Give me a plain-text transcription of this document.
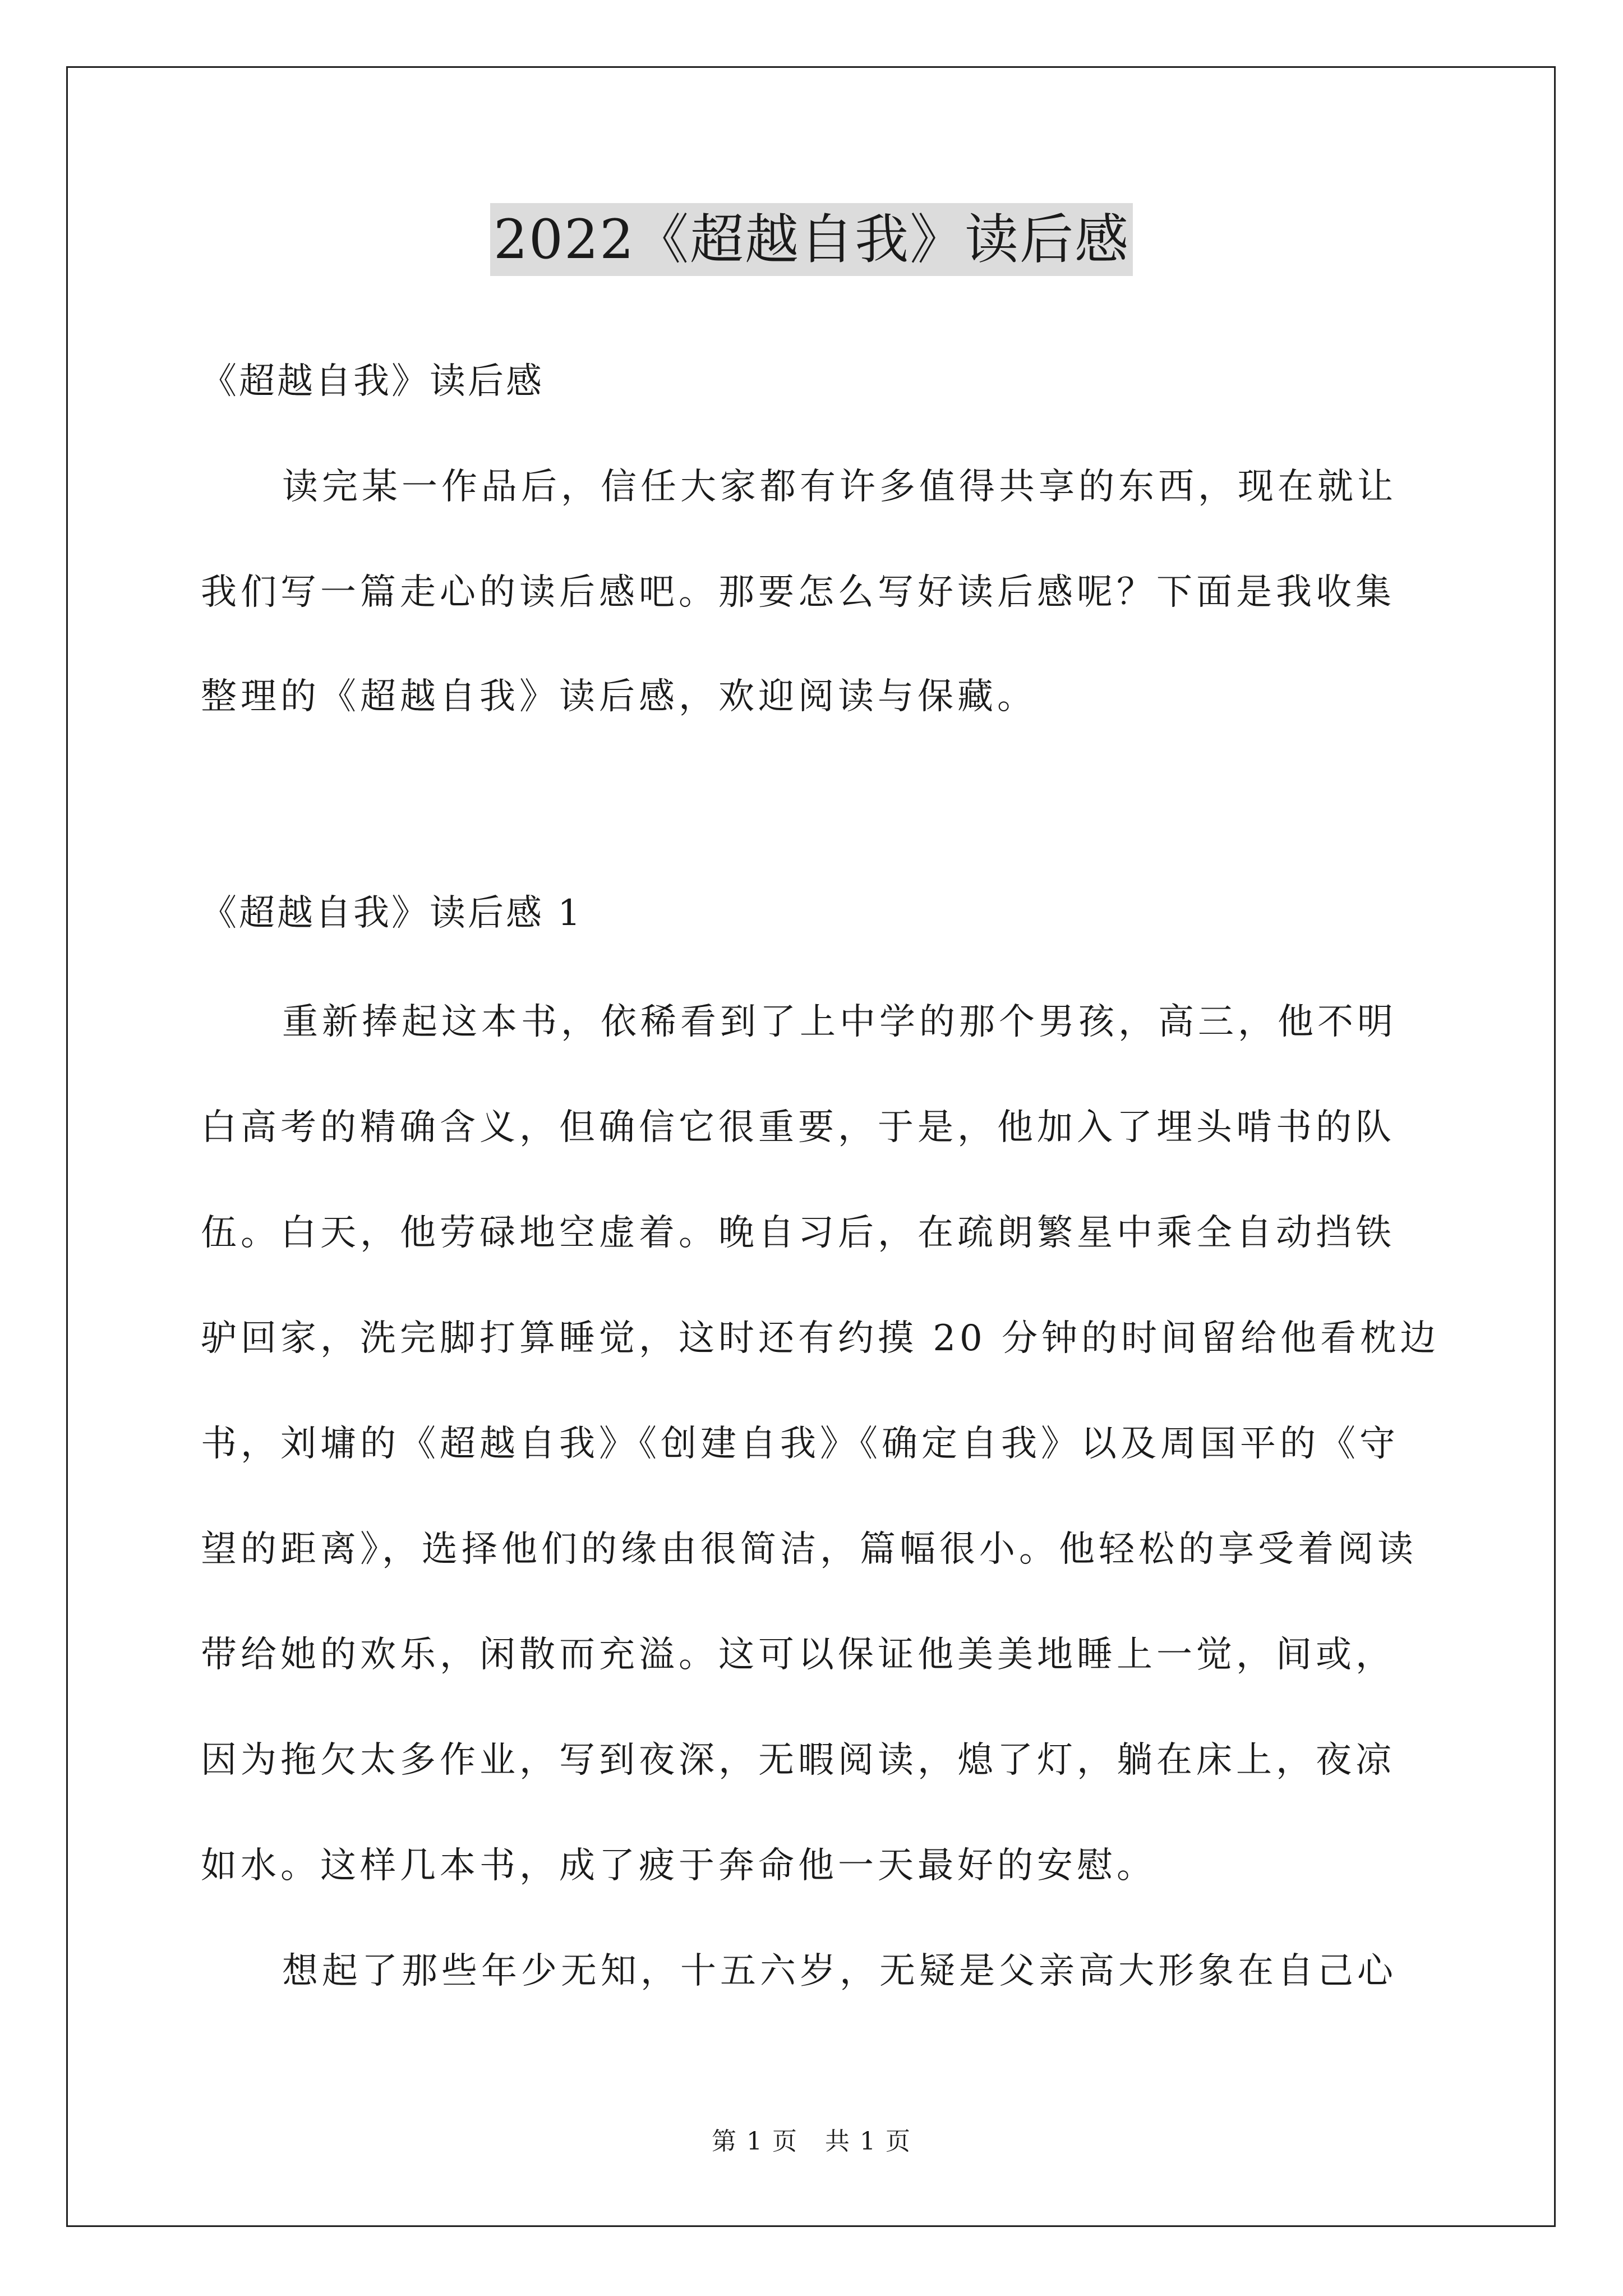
2022《超越自我》读后感
《超越自我》读后感
读完某一作品后，信任大家都有许多值得共享的东西，现在就让
我们写一篇走心的读后感吧。那要怎么写好读后感呢？下面是我收集
整理的《超越自我》读后感，欢迎阅读与保藏。
《超越自我》读后感 1
重新捧起这本书，依稀看到了上中学的那个男孩，高三，他不明
白高考的精确含义，但确信它很重要，于是，他加入了埋头啃书的队
伍。白天，他劳碌地空虚着。晚自习后，在疏朗繁星中乘全自动挡铁
驴回家，洗完脚打算睡觉，这时还有约摸 20 分钟的时间留给他看枕边
书，刘墉的《超越自我》《创建自我》《确定自我》以及周国平的《守
望的距离》，选择他们的缘由很简洁，篇幅很小。他轻松的享受着阅读
带给她的欢乐，闲散而充溢。这可以保证他美美地睡上一觉，间或，
因为拖欠太多作业，写到夜深，无暇阅读，熄了灯，躺在床上，夜凉
如水。这样几本书，成了疲于奔命他一天最好的安慰。
想起了那些年少无知，十五六岁，无疑是父亲高大形象在自己心
第 1 页 共 1 页
